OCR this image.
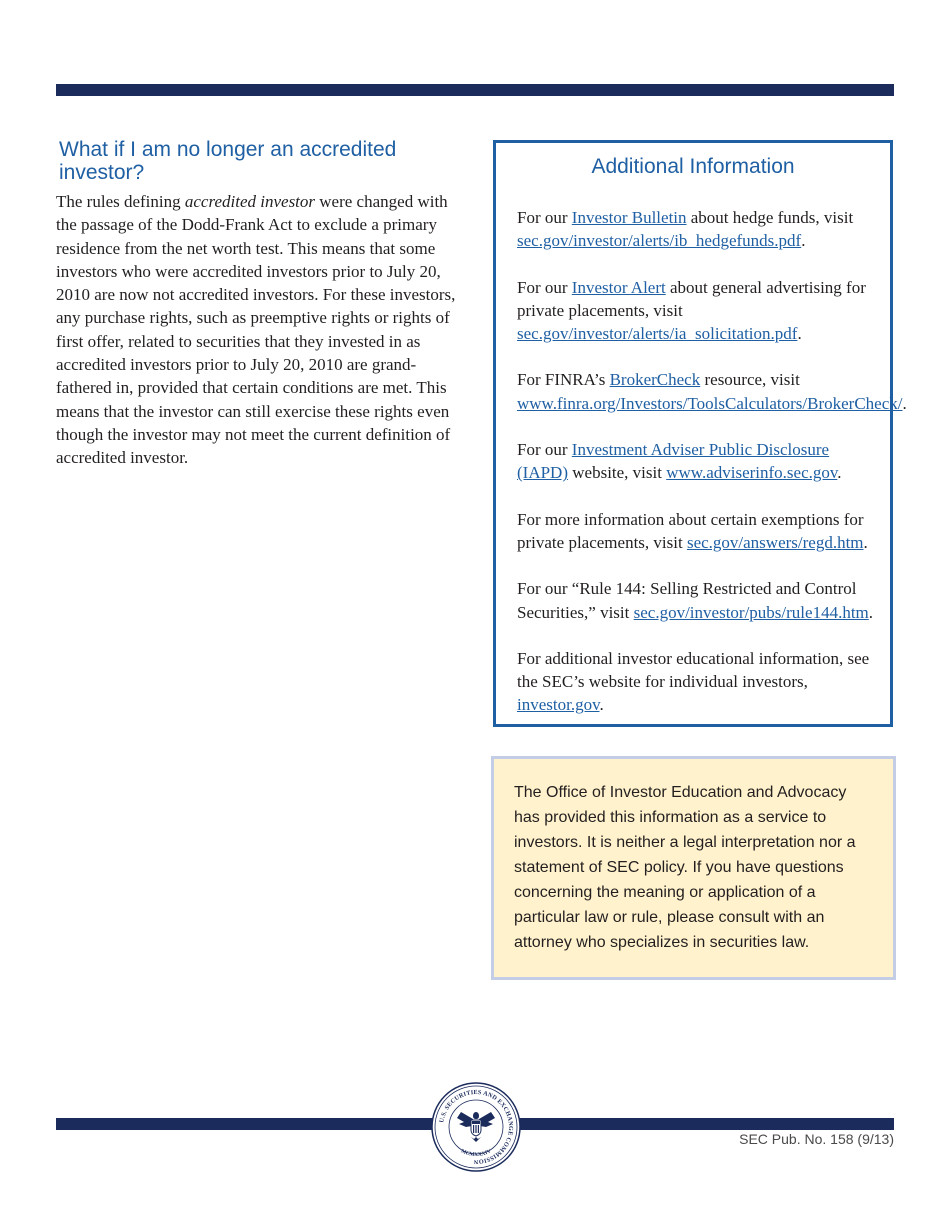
What if I am no longer an accredited investor?

The rules defining accredited investor were changed with the passage of the Dodd-Frank Act to exclude a primary residence from the net worth test. This means that some investors who were accredited investors prior to July 20, 2010 are now not accredited investors. For these investors, any purchase rights, such as preemptive rights or rights of first offer, related to securities that they invested in as accredited investors prior to July 20, 2010 are grand-fathered in, provided that certain conditions are met. This means that the investor can still exercise these rights even though the investor may not meet the current definition of accredited investor.

Additional Information

For our Investor Bulletin about hedge funds, visit sec.gov/investor/alerts/ib_hedgefunds.pdf.

For our Investor Alert about general advertising for private placements, visit sec.gov/investor/alerts/ia_solicitation.pdf.

For FINRA’s BrokerCheck resource, visit www.finra.org/Investors/ToolsCalculators/BrokerCheck/.

For our Investment Adviser Public Disclosure (IAPD) website, visit www.adviserinfo.sec.gov.

For more information about certain exemptions for private placements, visit sec.gov/answers/regd.htm.

For our “Rule 144: Selling Restricted and Control Securities,” visit sec.gov/investor/pubs/rule144.htm.

For additional investor educational information, see the SEC’s website for individual investors, investor.gov.

The Office of Investor Education and Advocacy has provided this information as a service to investors. It is neither a legal interpretation nor a statement of SEC policy. If you have questions concerning the meaning or application of a particular law or rule, please consult with an attorney who specializes in securities law.

U.S. SECURITIES AND EXCHANGE COMMISSION
MCMXXXIV
SEC Pub. No. 158 (9/13)
